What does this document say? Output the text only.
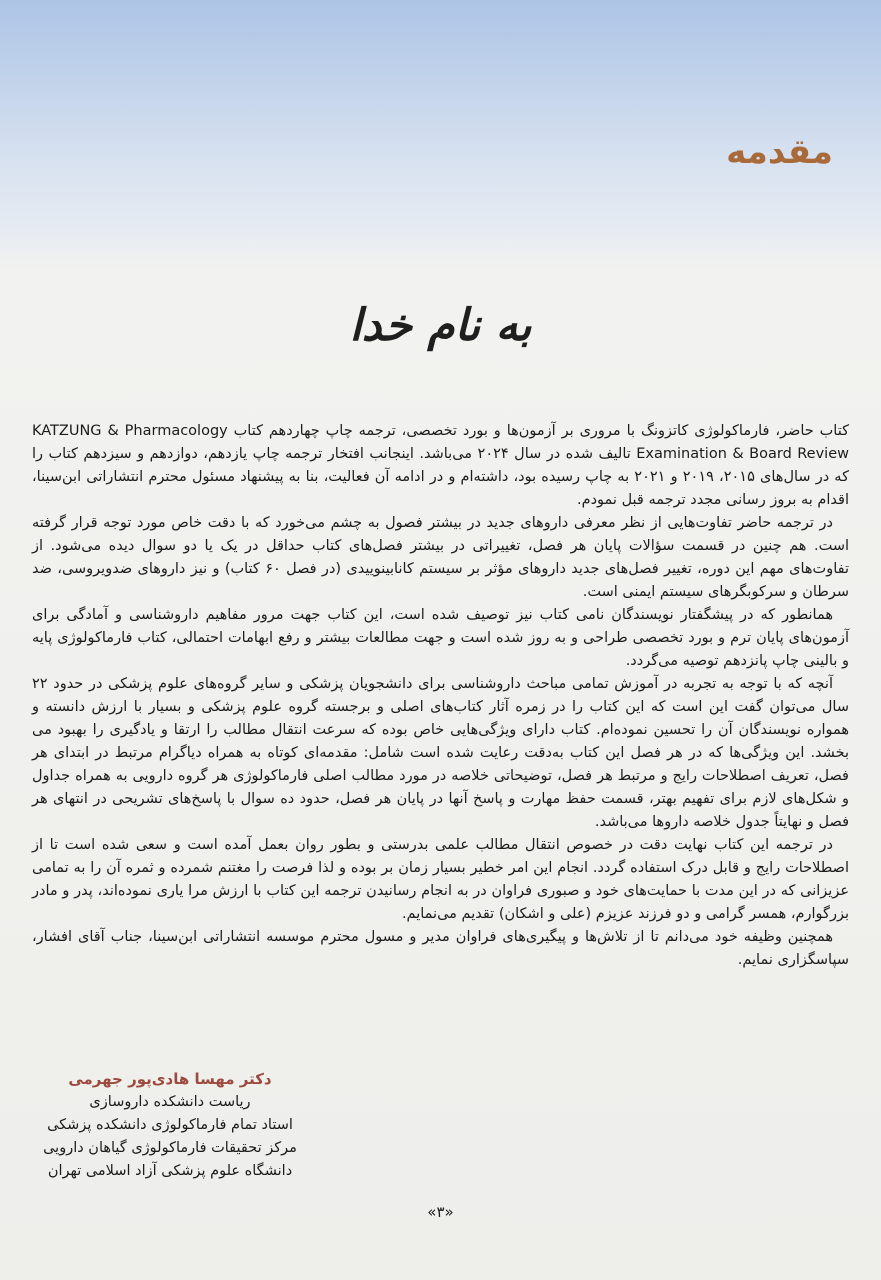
مقدمه
به نام خدا

کتاب حاضر، فارماکولوژی کاتزونگ با مروری بر آزمون‌ها و بورد تخصصی، ترجمه چاپ چهاردهم کتاب KATZUNG & Pharmacology Examination & Board Review تالیف شده در سال ۲۰۲۴ می‌باشد. اینجانب افتخار ترجمه چاپ یازدهم، دوازدهم و سیزدهم کتاب را که در سال‌های ۲۰۱۵، ۲۰۱۹ و ۲۰۲۱ به چاپ رسیده بود، داشته‌ام و در ادامه آن فعالیت، بنا به پیشنهاد مسئول محترم انتشاراتی ابن‌سینا، اقدام به بروز رسانی مجدد ترجمه قبل نمودم.

در ترجمه حاضر تفاوت‌هایی از نظر معرفی داروهای جدید در بیشتر فصول به چشم می‌خورد که با دقت خاص مورد توجه قرار گرفته است. هم چنین در قسمت سؤالات پایان هر فصل، تغییراتی در بیشتر فصل‌های کتاب حداقل در یک یا دو سوال دیده می‌شود. از تفاوت‌های مهم این دوره، تغییر فصل‌های جدید داروهای مؤثر بر سیستم کانابینوییدی (در فصل ۶۰ کتاب) و نیز داروهای ضدویروسی، ضد سرطان و سرکوبگرهای سیستم ایمنی است.

همانطور که در پیشگفتار نویسندگان نامی کتاب نیز توصیف شده است، این کتاب جهت مرور مفاهیم داروشناسی و آمادگی برای آزمون‌های پایان ترم و بورد تخصصی طراحی و به روز شده است و جهت مطالعات بیشتر و رفع ابهامات احتمالی، کتاب فارماکولوژی پایه و بالینی چاپ پانزدهم توصیه می‌گردد.

آنچه که با توجه به تجربه در آموزش تمامی مباحث داروشناسی برای دانشجویان پزشکی و سایر گروه‌های علوم پزشکی در حدود ۲۲ سال می‌توان گفت این است که این کتاب را در زمره آثار کتاب‌های اصلی و برجسته گروه علوم پزشکی و بسیار با ارزش دانسته و همواره نویسندگان آن را تحسین نموده‌ام. کتاب دارای ویژگی‌هایی خاص بوده که سرعت انتقال مطالب را ارتقا و یادگیری را بهبود می بخشد. این ویژگی‌ها که در هر فصل این کتاب به‌دقت رعایت شده است شامل: مقدمه‌ای کوتاه به همراه دیاگرام مرتبط در ابتدای هر فصل، تعریف اصطلاحات رایج و مرتبط هر فصل، توضیحاتی خلاصه در مورد مطالب اصلی فارماکولوژی هر گروه دارویی به همراه جداول و شکل‌های لازم برای تفهیم بهتر، قسمت حفظ مهارت و پاسخ آنها در پایان هر فصل، حدود ده سوال با پاسخ‌های تشریحی در انتهای هر فصل و نهایتاً جدول خلاصه داروها می‌باشد.

در ترجمه این کتاب نهایت دقت در خصوص انتقال مطالب علمی بدرستی و بطور روان بعمل آمده است و سعی شده است تا از اصطلاحات رایج و قابل درک استفاده گردد. انجام این امر خطیر بسیار زمان بر بوده و لذا فرصت را مغتنم شمرده و ثمره آن را به تمامی عزیزانی که در این مدت با حمایت‌های خود و صبوری فراوان در به انجام رسانیدن ترجمه این کتاب با ارزش مرا یاری نموده‌اند، پدر و مادر بزرگوارم، همسر گرامی و دو فرزند عزیزم (علی و اشکان) تقدیم می‌نمایم.

همچنین وظیفه خود می‌دانم تا از تلاش‌ها و پیگیری‌های فراوان مدیر و مسول محترم موسسه انتشاراتی ابن‌سینا، جناب آقای افشار، سپاسگزاری نمایم.

دکتر مهسا هادی‌پور جهرمی
ریاست دانشکده داروسازی
استاد تمام فارماکولوژی دانشکده پزشکی
مرکز تحقیقات فارماکولوژی گیاهان دارویی
دانشگاه علوم پزشکی آزاد اسلامی تهران
«۳»
